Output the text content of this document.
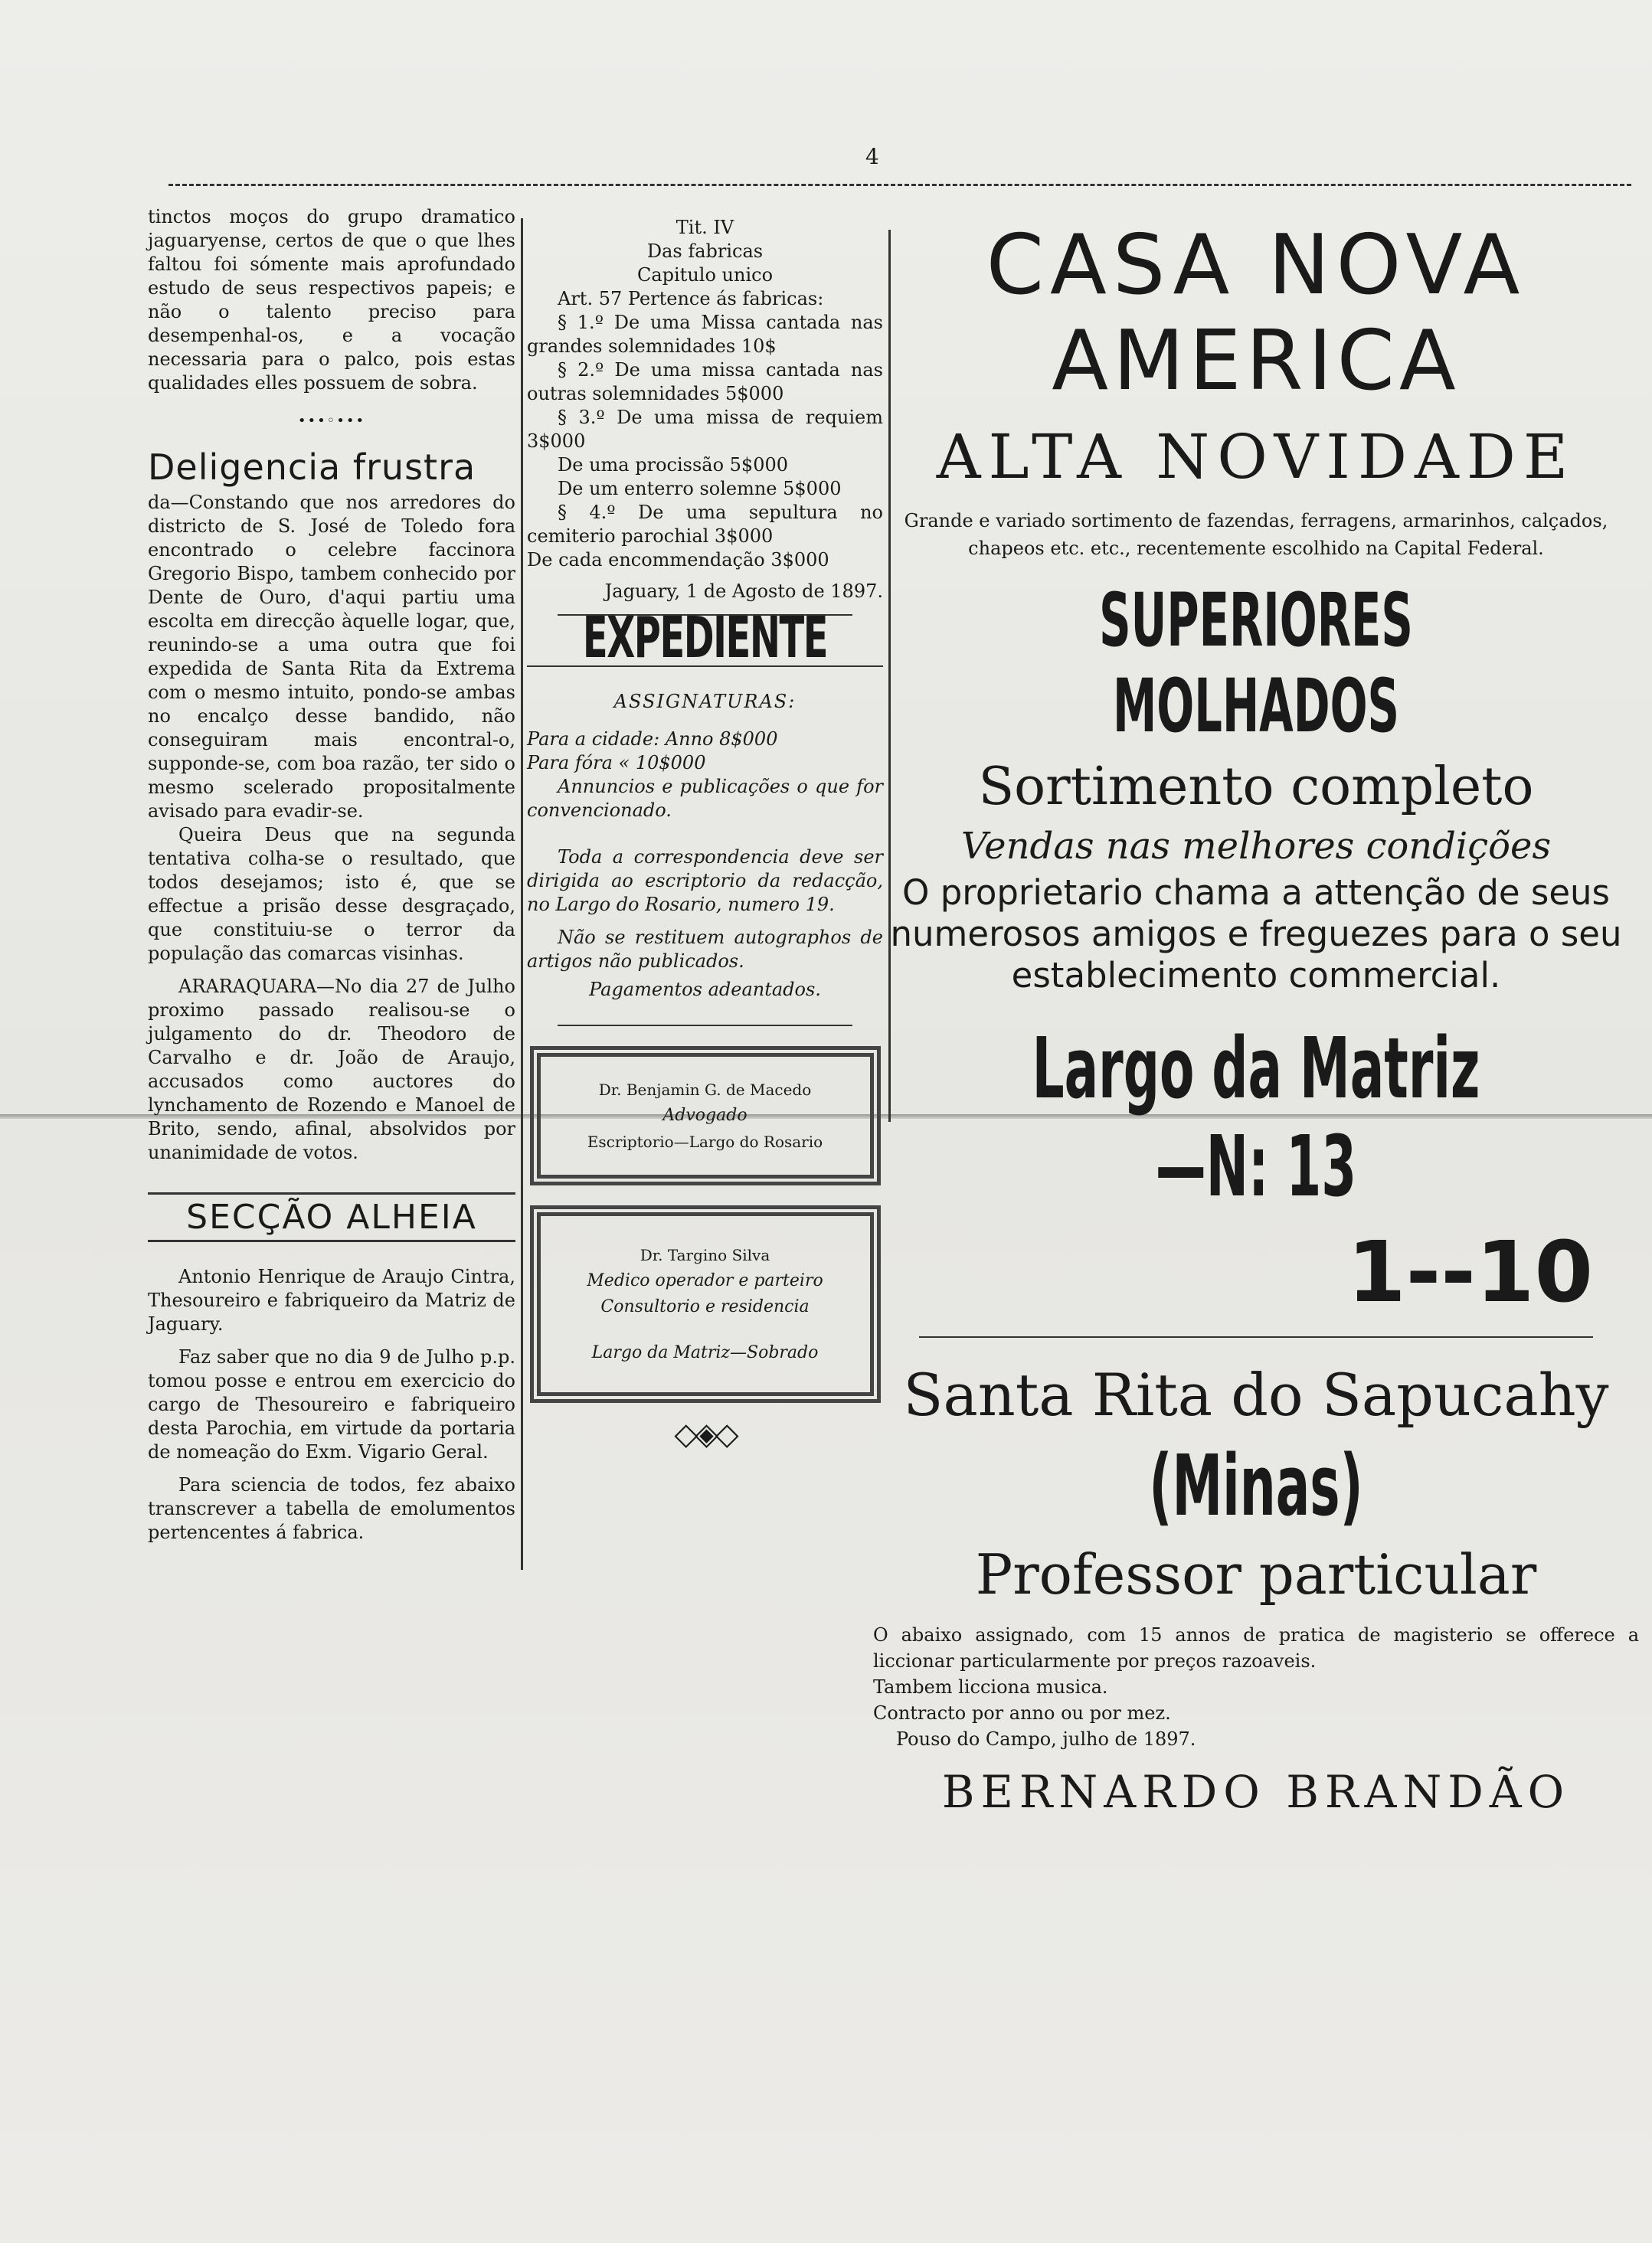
4

tinctos moços do grupo dramatico jaguaryense, certos de que o que lhes faltou foi sómente mais aprofundado estudo de seus respectivos papeis; e não o talento preciso para desempenhal-os, e a vocação necessaria para o palco, pois estas qualidades elles possuem de sobra.

•••◦•••
Deligencia frustra

da—Constando que nos arredores do districto de S. José de Toledo fora encontrado o celebre faccinora Gregorio Bispo, tambem conhecido por Dente de Ouro, d'aqui partiu uma escolta em direcção àquelle logar, que, reunindo-se a uma outra que foi expedida de Santa Rita da Extrema com o mesmo intuito, pondo-se ambas no encalço desse bandido, não conseguiram mais encontral-o, supponde-se, com boa razão, ter sido o mesmo scelerado propositalmente avisado para evadir-se.

Queira Deus que na segunda tentativa colha-se o resultado, que todos desejamos; isto é, que se effectue a prisão desse desgraçado, que constituiu-se o terror da população das comarcas visinhas.

ARARAQUARA—No dia 27 de Julho proximo passado realisou-se o julgamento do dr. Theodoro de Carvalho e dr. João de Araujo, accusados como auctores do lynchamento de Rozendo e Manoel de Brito, sendo, afinal, absolvidos por unanimidade de votos.

SECÇÃO ALHEIA

Antonio Henrique de Araujo Cintra, Thesoureiro e fabriqueiro da Matriz de Jaguary.

Faz saber que no dia 9 de Julho p.p. tomou posse e entrou em exercicio do cargo de Thesoureiro e fabriqueiro desta Parochia, em virtude da portaria de nomeação do Exm. Vigario Geral.

Para sciencia de todos, fez abaixo transcrever a tabella de emolumentos pertencentes á fabrica.

Tit. IV

Das fabricas

Capitulo unico

Art. 57 Pertence ás fabricas:

§ 1.º De uma Missa cantada nas grandes solemnidades 10$

§ 2.º De uma missa cantada nas outras solemnidades 5$000

§ 3.º De uma missa de requiem 3$000

De uma procissão 5$000

De um enterro solemne 5$000

§ 4.º De uma sepultura no cemiterio parochial 3$000

De cada encommendação 3$000

Jaguary, 1 de Agosto de 1897.

EXPEDIENTE

ASSIGNATURAS:

Para a cidade: Anno 8$000

Para fóra « 10$000

Annuncios e publicações o que for convencionado.

Toda a correspondencia deve ser dirigida ao escriptorio da redacção, no Largo do Rosario, numero 19.

Não se restituem autographos de artigos não publicados.

Pagamentos adeantados.

Dr. Benjamin G. de Macedo
Advogado
Escriptorio—Largo do Rosario
Dr. Targino Silva
Medico operador e parteiro
Consultorio e residencia
Largo da Matriz—Sobrado
◇◈◇
CASA NOVA
AMERICA
ALTA NOVIDADE

Grande e variado sortimento de fazendas, ferragens, armarinhos, calçados, chapeos etc. etc., recentemente escolhido na Capital Federal.

SUPERIORES MOLHADOS
Sortimento completo
Vendas nas melhores condições

O proprietario chama a attenção de seus numerosos amigos e freguezes para o seu establecimento commercial.

Largo da Matriz—N: 13
1--10
Santa Rita do Sapucahy
(Minas)
Professor particular

O abaixo assignado, com 15 annos de pratica de magisterio se offerece a liccionar particularmente por preços razoaveis.

Tambem licciona musica.

Contracto por anno ou por mez.

Pouso do Campo, julho de 1897.

BERNARDO BRANDÃO
